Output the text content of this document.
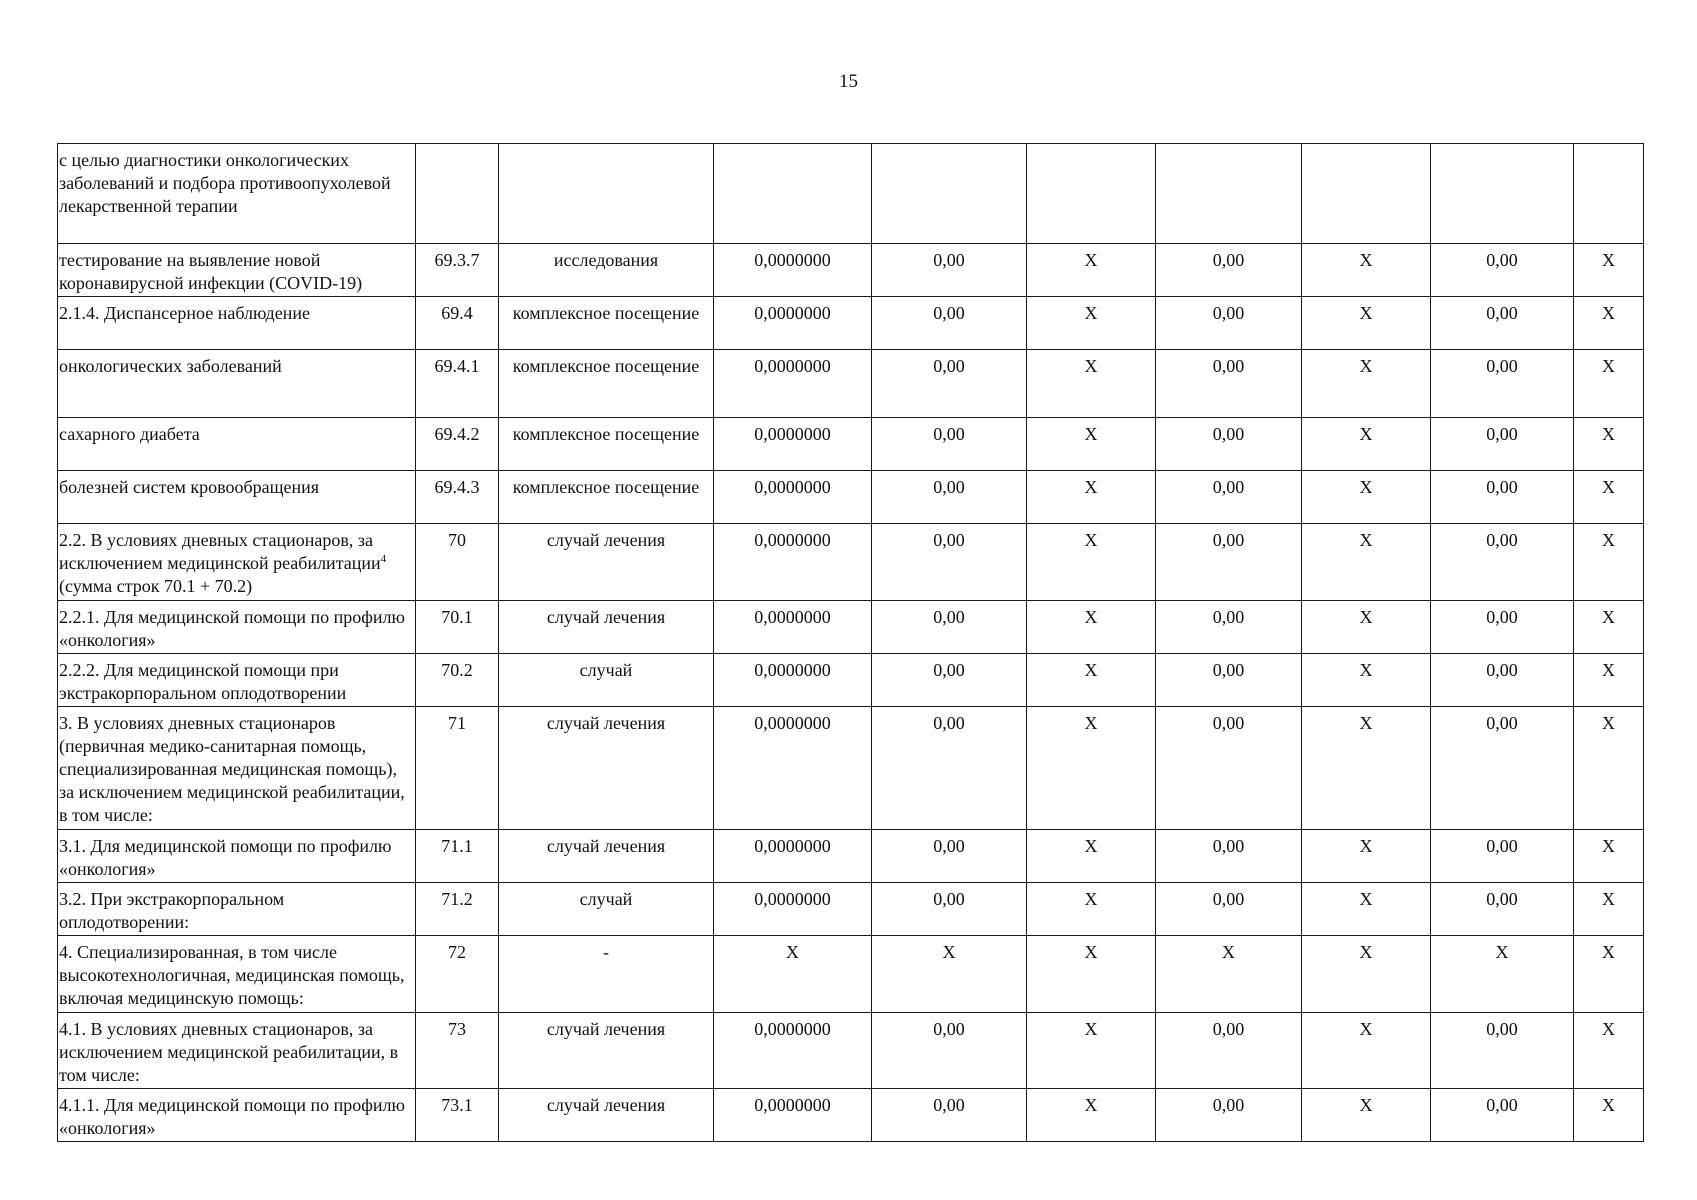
15
с целью диагностики онкологических заболеваний и подбора противоопухолевой лекарственной терапии									
тестирование на выявление новой коронавирусной инфекции (COVID-19)	69.3.7	исследования	0,0000000	0,00	Х	0,00	Х	0,00	Х
2.1.4. Диспансерное наблюдение	69.4	комплексное посещение	0,0000000	0,00	Х	0,00	Х	0,00	Х
онкологических заболеваний	69.4.1	комплексное посещение	0,0000000	0,00	Х	0,00	Х	0,00	Х
сахарного диабета	69.4.2	комплексное посещение	0,0000000	0,00	Х	0,00	Х	0,00	Х
болезней систем кровообращения	69.4.3	комплексное посещение	0,0000000	0,00	Х	0,00	Х	0,00	Х
2.2. В условиях дневных стационаров, за исключением медицинской реабилитации$^4$ (сумма строк 70.1 + 70.2)	70	случай лечения	0,0000000	0,00	Х	0,00	Х	0,00	Х
2.2.1. Для медицинской помощи по профилю «онкология»	70.1	случай лечения	0,0000000	0,00	Х	0,00	Х	0,00	Х
2.2.2. Для медицинской помощи при экстракорпоральном оплодотворении	70.2	случай	0,0000000	0,00	Х	0,00	Х	0,00	Х
3. В условиях дневных стационаров (первичная медико-санитарная помощь, специализированная медицинская помощь), за исключением медицинской реабилитации, в том числе:	71	случай лечения	0,0000000	0,00	Х	0,00	Х	0,00	Х
3.1. Для медицинской помощи по профилю «онкология»	71.1	случай лечения	0,0000000	0,00	Х	0,00	Х	0,00	Х
3.2. При экстракорпоральном оплодотворении:	71.2	случай	0,0000000	0,00	Х	0,00	Х	0,00	Х
4. Специализированная, в том числе высокотехнологичная, медицинская помощь, включая медицинскую помощь:	72	-	Х	Х	Х	Х	Х	Х	Х
4.1. В условиях дневных стационаров, за исключением медицинской реабилитации, в том числе:	73	случай лечения	0,0000000	0,00	Х	0,00	Х	0,00	Х
4.1.1. Для медицинской помощи по профилю «онкология»	73.1	случай лечения	0,0000000	0,00	Х	0,00	Х	0,00	Х
